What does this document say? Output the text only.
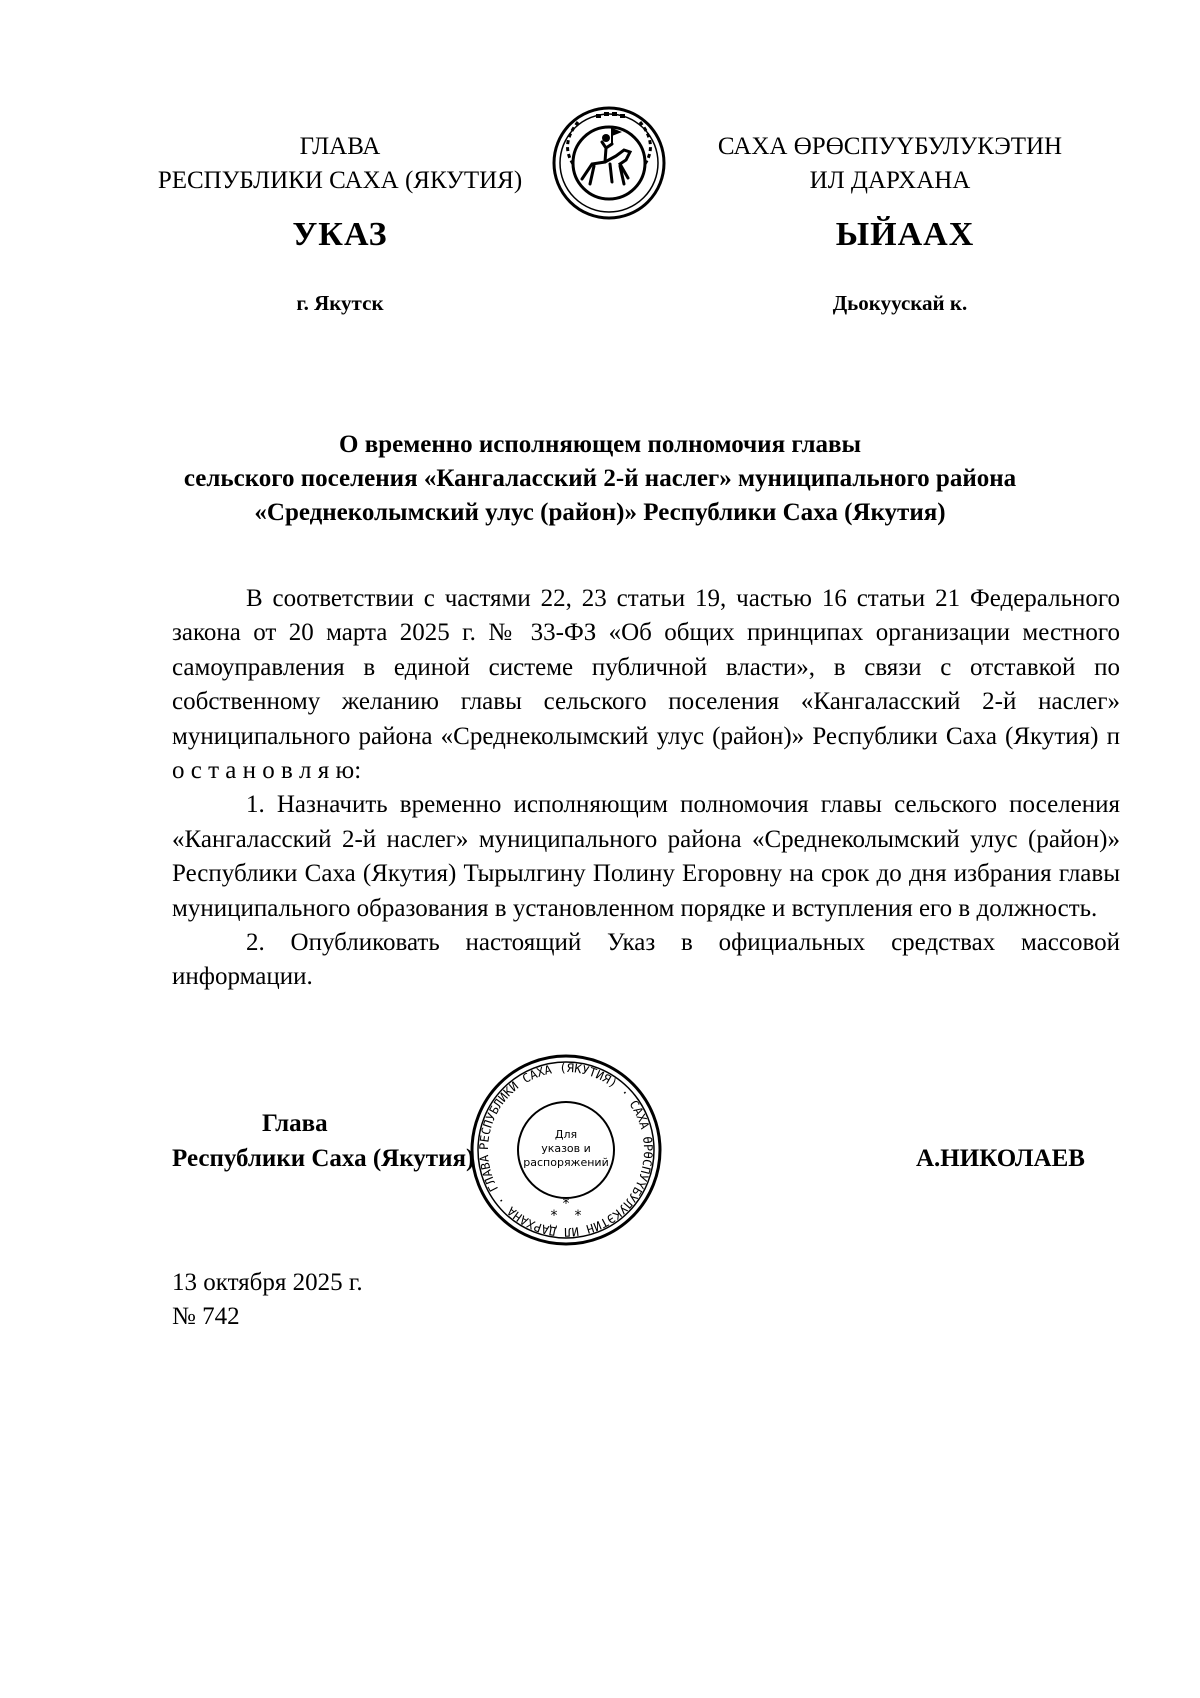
ГЛАВА
РЕСПУБЛИКИ САХА (ЯКУТИЯ)
САХА ӨРӨСПУҮБУЛУКЭТИН
ИЛ ДАРХАНА
УКАЗ	ЫЙААХ
г. Якутск	Дьокуускай к.
О временно исполняющем полномочия главы
сельского поселения «Кангаласский 2-й наслег» муниципального района
«Среднеколымский улус (район)» Республики Саха (Якутия)

В соответствии с частями 22, 23 статьи 19, частью 16 статьи 21 Федерального закона от 20 марта 2025 г. № 33-ФЗ «Об общих принципах организации местного самоуправления в единой системе публичной власти», в связи с отставкой по собственному желанию главы сельского поселения «Кангаласский 2-й наслег» муниципального района «Среднеколымский улус (район)» Республики Саха (Якутия) п о с т а н о в л я ю:

1. Назначить временно исполняющим полномочия главы сельского поселения «Кангаласский 2-й наслег» муниципального района «Среднеколымский улус (район)» Республики Саха (Якутия) Тырылгину Полину Егоровну на срок до дня избрания главы муниципального образования в установленном порядке и вступления его в должность.

2. Опубликовать настоящий Указ в официальных средствах массовой информации.

Глава
Республики Саха (Якутия)	А.НИКОЛАЕВ
РЕСПУБЛИКИ САХА (ЯКУТИЯ) · САХА ӨРӨСПУҮБУЛУКЭТИН ИЛ ДАРХАНА · ГЛАВА
Для
указов и
распоряжений
* *
*
13 октября 2025 г.
№ 742
